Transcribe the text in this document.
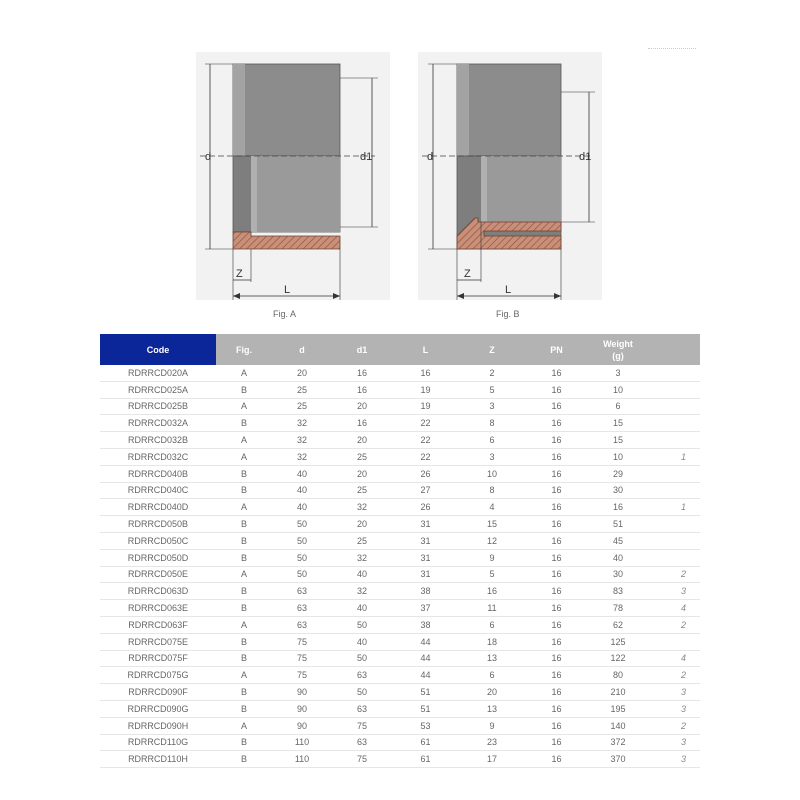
d	d1
Z
L
d	d1
Z
L
Fig. A	Fig. B
Code	Fig.	d	d1	L	Z	PN	Weight
(g)	

RDRRCD020A	A	20	16	16	2	16	3	
RDRRCD025A	B	25	16	19	5	16	10	
RDRRCD025B	A	25	20	19	3	16	6	
RDRRCD032A	B	32	16	22	8	16	15	
RDRRCD032B	A	32	20	22	6	16	15	
RDRRCD032C	A	32	25	22	3	16	10	1
RDRRCD040B	B	40	20	26	10	16	29	
RDRRCD040C	B	40	25	27	8	16	30	
RDRRCD040D	A	40	32	26	4	16	16	1
RDRRCD050B	B	50	20	31	15	16	51	
RDRRCD050C	B	50	25	31	12	16	45	
RDRRCD050D	B	50	32	31	9	16	40	
RDRRCD050E	A	50	40	31	5	16	30	2
RDRRCD063D	B	63	32	38	16	16	83	3
RDRRCD063E	B	63	40	37	11	16	78	4
RDRRCD063F	A	63	50	38	6	16	62	2
RDRRCD075E	B	75	40	44	18	16	125	
RDRRCD075F	B	75	50	44	13	16	122	4
RDRRCD075G	A	75	63	44	6	16	80	2
RDRRCD090F	B	90	50	51	20	16	210	3
RDRRCD090G	B	90	63	51	13	16	195	3
RDRRCD090H	A	90	75	53	9	16	140	2
RDRRCD110G	B	110	63	61	23	16	372	3
RDRRCD110H	B	110	75	61	17	16	370	3
